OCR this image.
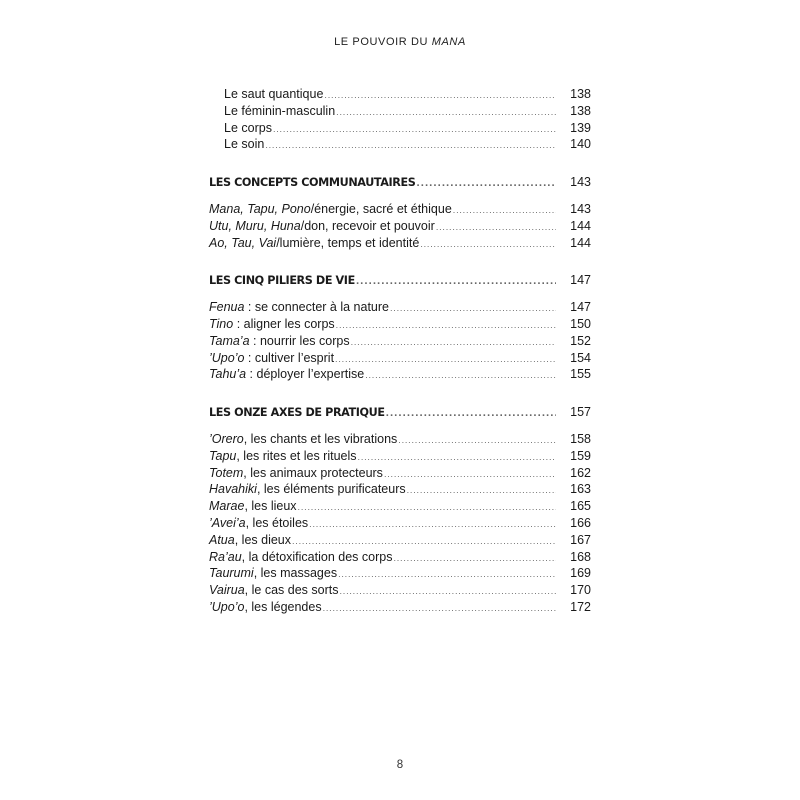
LE POUVOIR DU MANA
Le saut quantique .....	138
Le féminin-masculin .....	138
Le corps .....	139
Le soin .....	140
LES CONCEPTS COMMUNAUTAIRES .....	143
Mana, Tapu, Pono/énergie, sacré et éthique .....	143
Utu, Muru, Huna/don, recevoir et pouvoir .....	144
Ao, Tau, Vai/lumière, temps et identité .....	144
LES CINQ PILIERS DE VIE .....	147
Fenua : se connecter à la nature .....	147
Tino : aligner les corps .....	150
Tama’a : nourrir les corps .....	152
’Upo’o : cultiver l’esprit .....	154
Tahu’a : déployer l’expertise .....	155
LES ONZE AXES DE PRATIQUE .....	157
’Orero, les chants et les vibrations .....	158
Tapu, les rites et les rituels .....	159
Totem, les animaux protecteurs .....	162
Havahiki, les éléments purificateurs .....	163
Marae, les lieux .....	165
’Avei’a, les étoiles .....	166
Atua, les dieux .....	167
Ra’au, la détoxification des corps .....	168
Taurumi, les massages .....	169
Vairua, le cas des sorts .....	170
’Upo’o, les légendes .....	172
8
